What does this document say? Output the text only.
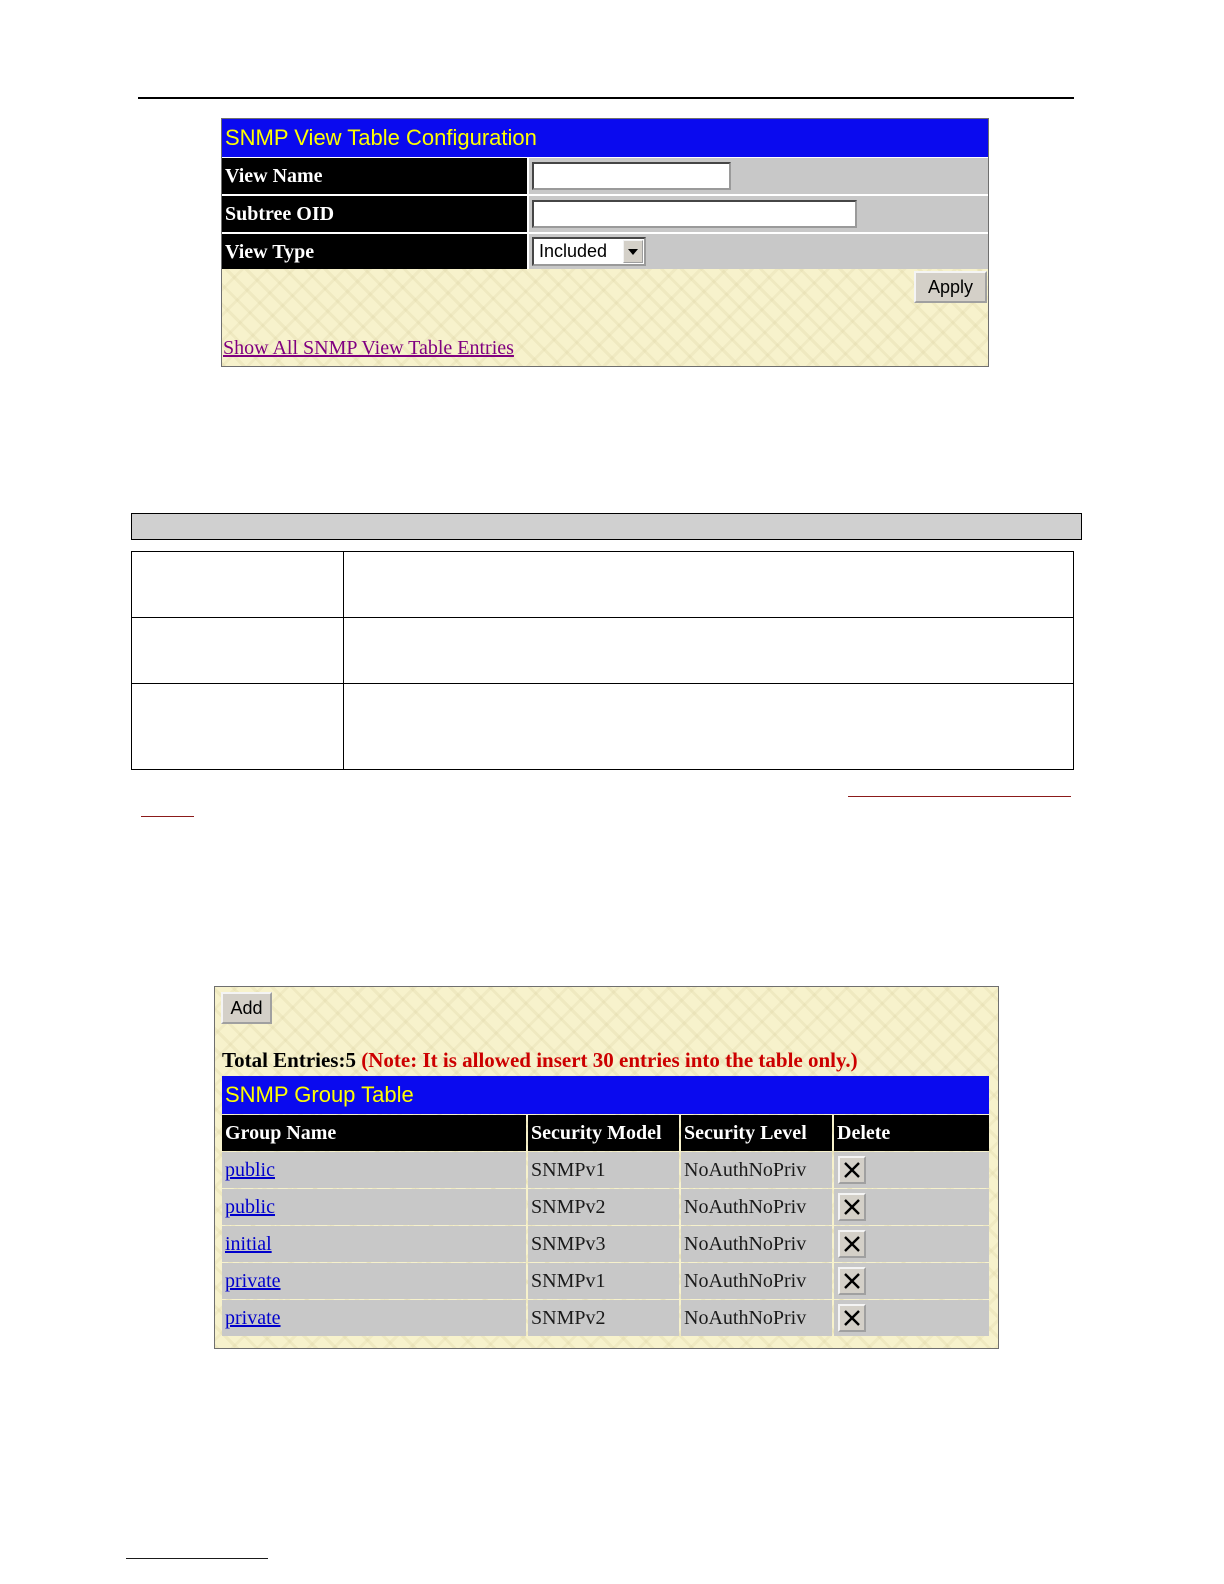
SNMP View Table Configuration
View Name
Subtree OID
View Type	Included
Apply
Show All SNMP View Table Entries
Add
Total Entries:5 (Note: It is allowed insert 30 entries into the table only.)
SNMP Group Table
Group Name	Security Model	Security Level	Delete
public	SNMPv1	NoAuthNoPriv
public	SNMPv2	NoAuthNoPriv
initial	SNMPv3	NoAuthNoPriv
private	SNMPv1	NoAuthNoPriv
private	SNMPv2	NoAuthNoPriv
